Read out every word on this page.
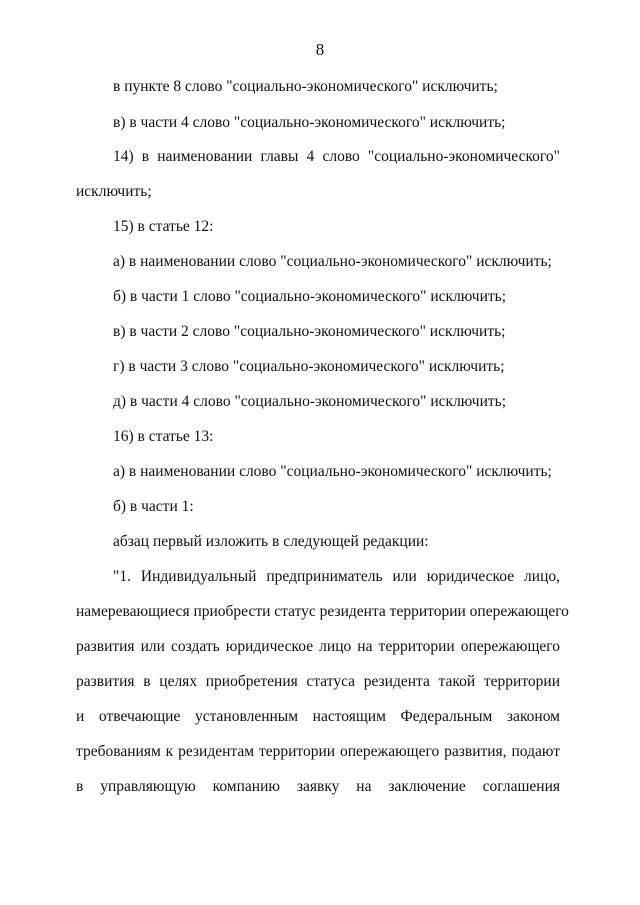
8
в пункте 8 слово "социально-экономического" исключить;
в) в части 4 слово "социально-экономического" исключить;
14) в наименовании главы 4 слово "социально-экономического"
исключить;
15) в статье 12:
а) в наименовании слово "социально-экономического" исключить;
б) в части 1 слово "социально-экономического" исключить;
в) в части 2 слово "социально-экономического" исключить;
г) в части 3 слово "социально-экономического" исключить;
д) в части 4 слово "социально-экономического" исключить;
16) в статье 13:
а) в наименовании слово "социально-экономического" исключить;
б) в части 1:
абзац первый изложить в следующей редакции:
"1. Индивидуальный предприниматель или юридическое лицо,
намеревающиеся приобрести статус резидента территории опережающего
развития или создать юридическое лицо на территории опережающего
развития в целях приобретения статуса резидента такой территории
и отвечающие установленным настоящим Федеральным законом
требованиям к резидентам территории опережающего развития, подают
в управляющую компанию заявку на заключение соглашения
